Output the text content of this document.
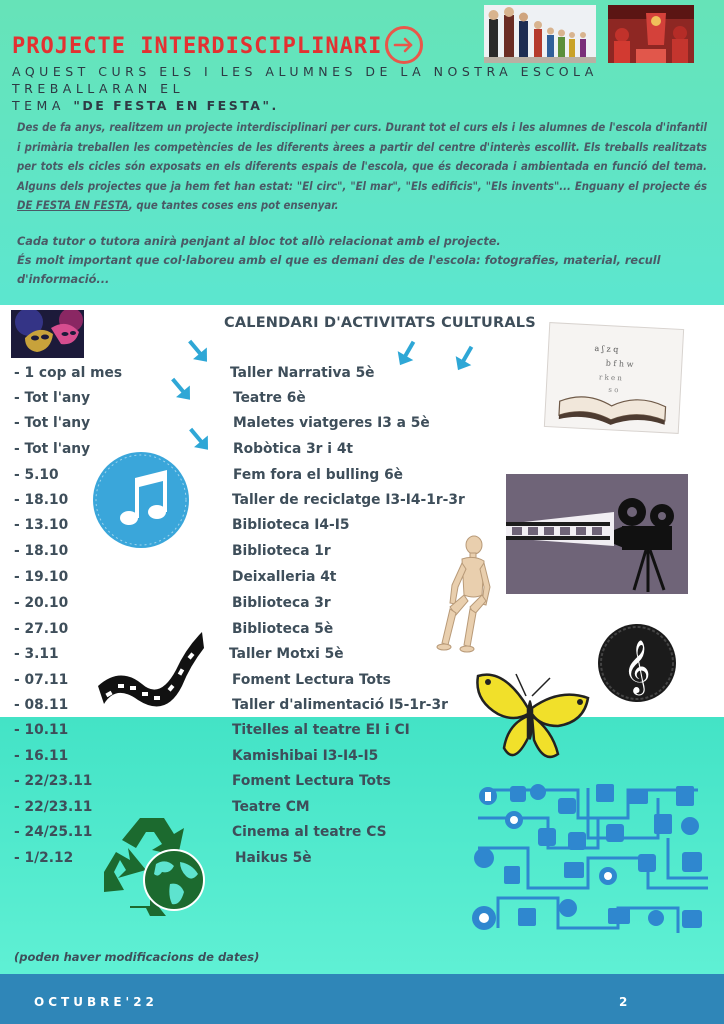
PROJECTE INTERDISCIPLINARI
AQUEST CURS ELS I LES ALUMNES DE LA NOSTRA ESCOLA TREBALLARAN EL
TEMA "DE FESTA EN FESTA".
Des de fa anys, realitzem un projecte interdisciplinari per curs. Durant tot el curs els i les alumnes de l'escola d'infantil i primària treballen les competències de les diferents àrees a partir del centre d'interès escollit. Els treballs realitzats per tots els cicles són exposats en els diferents espais de l'escola, que és decorada i ambientada en funció del tema. Alguns dels projectes que ja hem fet han estat: "El circ", "El mar", "Els edificis", "Els invents"... Enguany el projecte és DE FESTA EN FESTA, que tantes coses ens pot ensenyar.
Cada tutor o tutora anirà penjant al bloc tot allò relacionat amb el projecte.
És molt important que col·laboreu amb el que es demani des de l'escola: fotografies, material, recull d'informació...
CALENDARI D'ACTIVITATS CULTURALS
a ʃ z q
b f h w
r k e n
s o
𝄞
- 1 cop al mes	Taller Narrativa 5è
- Tot l'any	Teatre 6è
- Tot l'any	Maletes viatgeres I3 a 5è
- Tot l'any	Robòtica 3r i 4t
- 5.10	Fem fora el bulling 6è
- 18.10	Taller de reciclatge I3-I4-1r-3r
- 13.10	Biblioteca I4-I5
- 18.10	Biblioteca 1r
- 19.10	Deixalleria 4t
- 20.10	Biblioteca 3r
- 27.10	Biblioteca 5è
- 3.11	Taller Motxi 5è
- 07.11	Foment Lectura Tots
- 08.11	Taller d'alimentació I5-1r-3r
- 10.11	Titelles al teatre EI i CI
- 16.11	Kamishibai I3-I4-I5
- 22/23.11	Foment Lectura Tots
- 22/23.11	Teatre CM
- 24/25.11	Cinema al teatre CS
- 1/2.12	Haikus 5è
(poden haver modificacions de dates)
OCTUBRE'22	2
